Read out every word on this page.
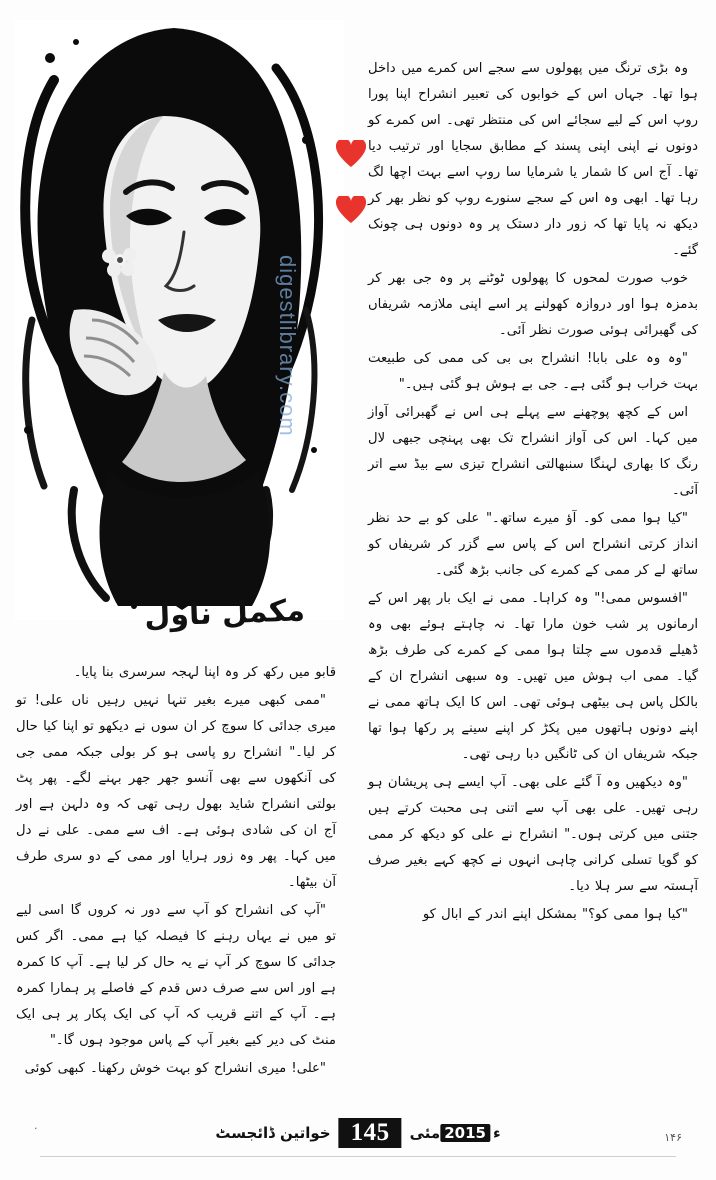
مکمل ناول
digestlibrary.com

وہ بڑی ترنگ میں پھولوں سے سجے اس کمرے میں داخل ہوا تھا۔ جہاں اس کے خوابوں کی تعبیر انشراح اپنا پورا روپ اس کے لیے سجائے اس کی منتظر تھی۔ اس کمرے کو دونوں نے اپنی اپنی پسند کے مطابق سجایا اور ترتیب دیا تھا۔ آج اس کا شمار یا شرمایا سا روپ اسے بہت اچھا لگ رہا تھا۔ ابھی وہ اس کے سجے سنورے روپ کو نظر بھر کر دیکھ نہ پایا تھا کہ زور دار دستک پر وہ دونوں ہی چونک گئے۔

خوب صورت لمحوں کا پھولوں ٹوٹنے پر وہ جی بھر کر بدمزہ ہوا اور دروازہ کھولنے پر اسے اپنی ملازمہ شریفاں کی گھبرائی ہوئی صورت نظر آئی۔

"وہ وہ علی بابا! انشراح بی بی کی ممی کی طبیعت بہت خراب ہو گئی ہے۔ جی بے ہوش ہو گئی ہیں۔"

اس کے کچھ پوچھنے سے پہلے ہی اس نے گھبرائی آواز میں کہا۔ اس کی آواز انشراح تک بھی پہنچی جبھی لال رنگ کا بھاری لہنگا سنبھالتی انشراح تیزی سے بیڈ سے اتر آئی۔

"کیا ہوا ممی کو۔ آؤ میرے ساتھ۔" علی کو بے حد نظر انداز کرتی انشراح اس کے پاس سے گزر کر شریفاں کو ساتھ لے کر ممی کے کمرے کی جانب بڑھ گئی۔

"افسوس ممی!" وہ کراہا۔ ممی نے ایک بار پھر اس کے ارمانوں پر شب خون مارا تھا۔ نہ چاہتے ہوئے بھی وہ ڈھیلے قدموں سے چلتا ہوا ممی کے کمرے کی طرف بڑھ گیا۔ ممی اب ہوش میں تھیں۔ وہ سبھی انشراح ان کے بالکل پاس ہی بیٹھی ہوئی تھی۔ اس کا ایک ہاتھ ممی نے اپنے دونوں ہاتھوں میں پکڑ کر اپنے سینے پر رکھا ہوا تھا جبکہ شریفاں ان کی ٹانگیں دبا رہی تھی۔

"وہ دیکھیں وہ آ گئے علی بھی۔ آپ ایسے ہی پریشان ہو رہی تھیں۔ علی بھی آپ سے اتنی ہی محبت کرتے ہیں جتنی میں کرتی ہوں۔" انشراح نے علی کو دیکھ کر ممی کو گویا تسلی کرانی چاہی انہوں نے کچھ کہے بغیر صرف آہستہ سے سر ہلا دیا۔

"کیا ہوا ممی کو؟" بمشکل اپنے اندر کے ابال کو

قابو میں رکھ کر وہ اپنا لہجہ سرسری بنا پایا۔

"ممی کبھی میرے بغیر تنہا نہیں رہیں ناں علی! تو میری جدائی کا سوچ کر ان سوں نے دیکھو تو اپنا کیا حال کر لیا۔" انشراح رو پاسی ہو کر بولی جبکہ ممی جی کی آنکھوں سے بھی آنسو جھر جھر بہنے لگے۔ پھر پٹ بولتی انشراح شاید بھول رہی تھی کہ وہ دلہن ہے اور آج ان کی شادی ہوئی ہے۔ اف سے ممی۔ علی نے دل میں کہا۔ پھر وہ زور ہرایا اور ممی کے دو سری طرف آن بیٹھا۔

"آپ کی انشراح کو آپ سے دور نہ کروں گا اسی لیے تو میں نے یہاں رہنے کا فیصلہ کیا ہے ممی۔ اگر کس جدائی کا سوچ کر آپ نے یہ حال کر لیا ہے۔ آپ کا کمرہ ہے اور اس سے صرف دس قدم کے فاصلے پر ہمارا کمرہ ہے۔ آپ کے اتنے قریب کہ آپ کی ایک پکار پر ہی ایک منٹ کی دیر کیے بغیر آپ کے پاس موجود ہوں گا۔"

"علی! میری انشراح کو بہت خوش رکھنا۔ کبھی کوئی

خواتین ڈائجسٹ 145	ء2015مئی	۱۴۶
.
